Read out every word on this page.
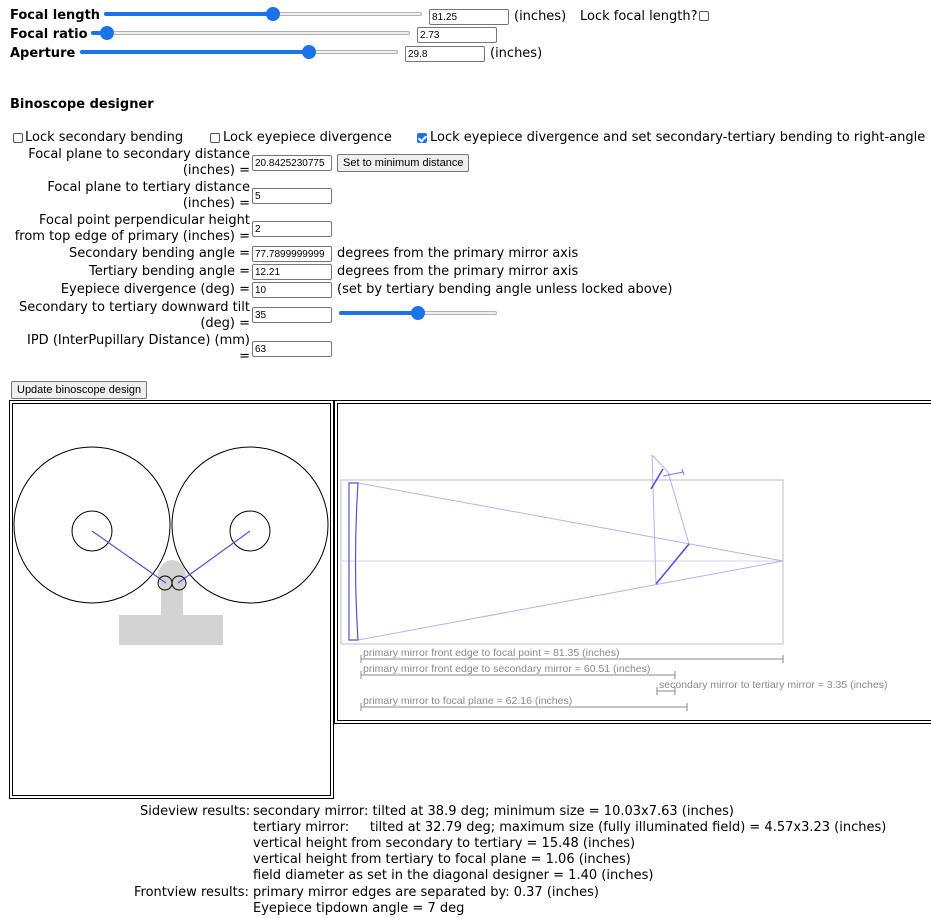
Focal length
81.25	(inches) Lock focal length?
Focal ratio
2.73
Aperture
29.8	(inches)
Binoscope designer
Lock secondary bending	Lock eyepiece divergence	Lock eyepiece divergence and set secondary-tertiary bending to right-angle
Focal plane to secondary distance
(inches) =
20.8425230775	Set to minimum distance
Focal plane to tertiary distance
(inches) =
5
Focal point perpendicular height
from top edge of primary (inches) =
2
Secondary bending angle =
77.7899999999	degrees from the primary mirror axis
Tertiary bending angle =
12.21	degrees from the primary mirror axis
Eyepiece divergence (deg) =
10	(set by tertiary bending angle unless locked above)
Secondary to tertiary downward tilt
(deg) =
35
IPD (InterPupillary Distance) (mm)
=
63
Update binoscope design
primary mirror front edge to focal point = 81.35 (inches)
primary mirror front edge to secondary mirror = 60.51 (inches)
secondary mirror to tertiary mirror = 3.35 (inches)
primary mirror to focal plane = 62.16 (inches)
Sideview results: secondary mirror: tilted at 38.9 deg; minimum size = 10.03x7.63 (inches)
tertiary mirror:     tilted at 32.79 deg; maximum size (fully illuminated field) = 4.57x3.23 (inches)
vertical height from secondary to tertiary = 15.48 (inches)
vertical height from tertiary to focal plane = 1.06 (inches)
field diameter as set in the diagonal designer = 1.40 (inches)
Frontview results: primary mirror edges are separated by: 0.37 (inches)
Eyepiece tipdown angle = 7 deg
